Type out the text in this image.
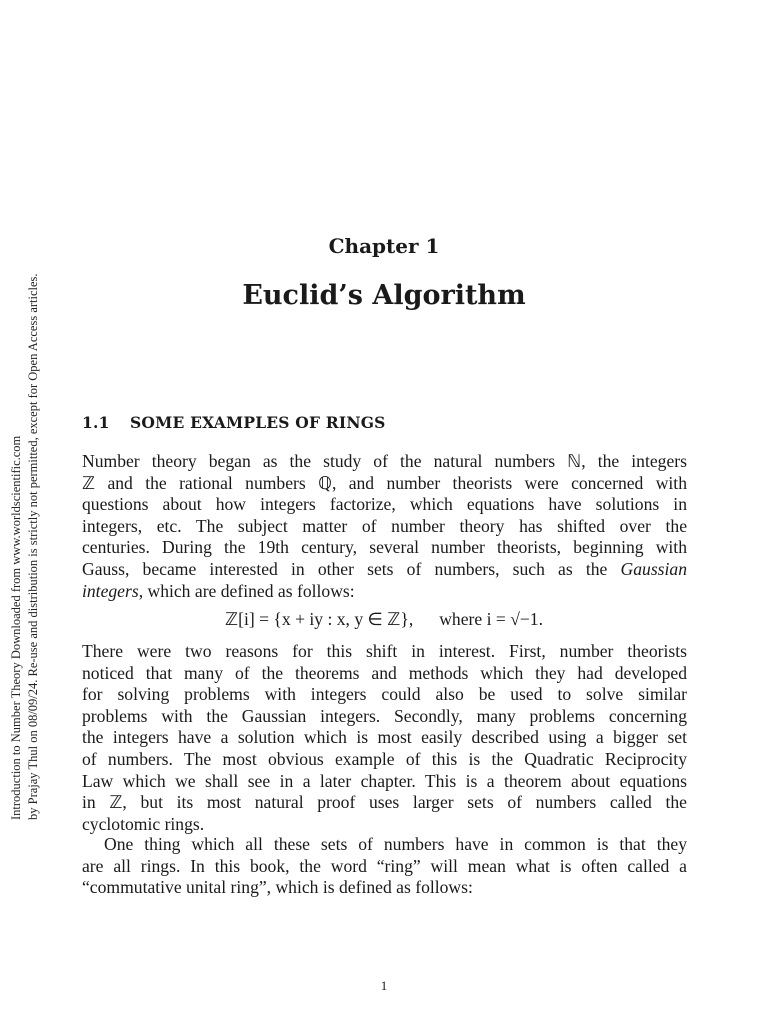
Introduction to Number Theory Downloaded from www.worldscientific.com by Prajay Thul on 08/09/24. Re-use and distribution is strictly not permitted, except for Open Access articles.
Chapter 1
Euclid’s Algorithm
1.1 SOME EXAMPLES OF RINGS
Number theory began as the study of the natural numbers ℕ, the integers
ℤ and the rational numbers ℚ, and number theorists were concerned with
questions about how integers factorize, which equations have solutions in
integers, etc. The subject matter of number theory has shifted over the
centuries. During the 19th century, several number theorists, beginning with
Gauss, became interested in other sets of numbers, such as the Gaussian
integers, which are defined as follows:
ℤ[i] = {x + iy : x, y ∈ ℤ}, where i = √−1.
There were two reasons for this shift in interest. First, number theorists
noticed that many of the theorems and methods which they had developed
for solving problems with integers could also be used to solve similar
problems with the Gaussian integers. Secondly, many problems concerning
the integers have a solution which is most easily described using a bigger set
of numbers. The most obvious example of this is the Quadratic Reciprocity
Law which we shall see in a later chapter. This is a theorem about equations
in ℤ, but its most natural proof uses larger sets of numbers called the
cyclotomic rings.
One thing which all these sets of numbers have in common is that they
are all rings. In this book, the word “ring” will mean what is often called a
“commutative unital ring”, which is defined as follows:
1
